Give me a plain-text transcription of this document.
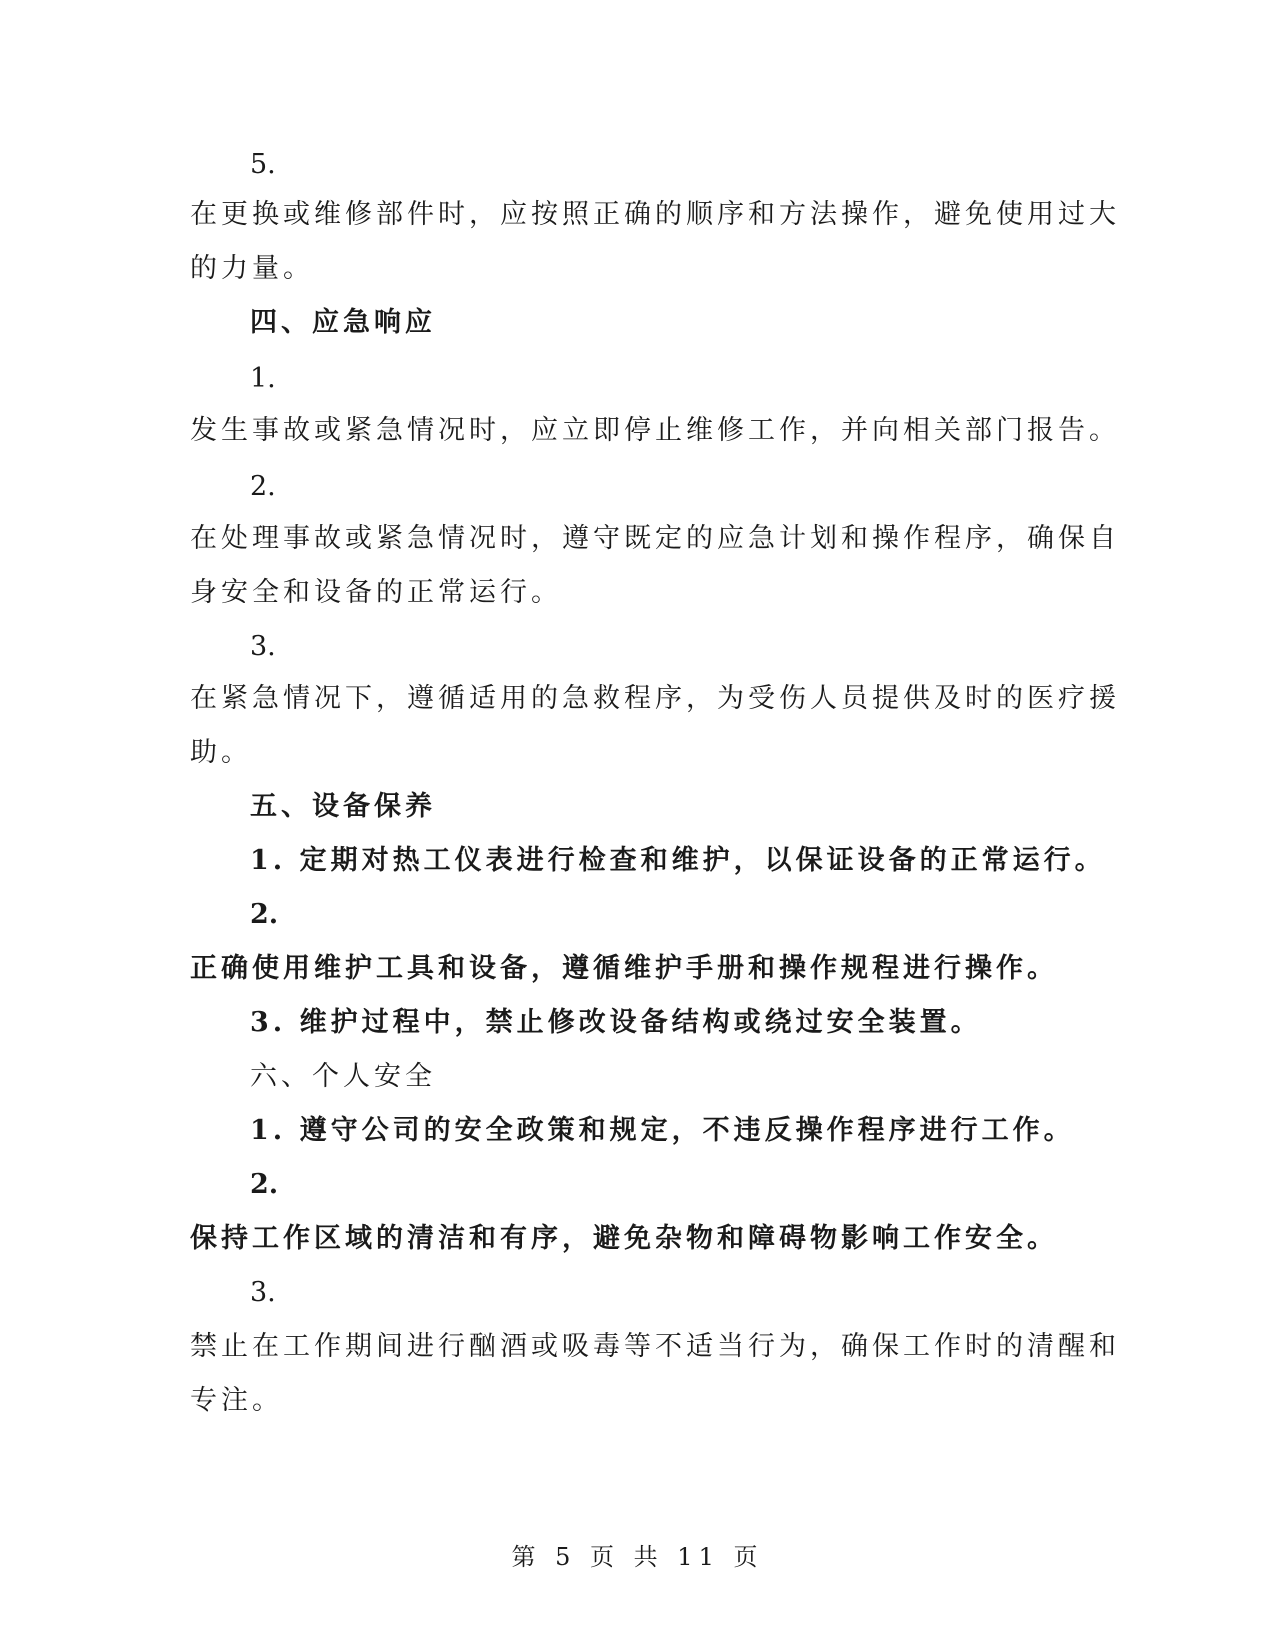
5.
在更换或维修部件时，应按照正确的顺序和方法操作，避免使用过大
的力量。
四、应急响应
1.
发生事故或紧急情况时，应立即停止维修工作，并向相关部门报告。
2.
在处理事故或紧急情况时，遵守既定的应急计划和操作程序，确保自
身安全和设备的正常运行。
3.
在紧急情况下，遵循适用的急救程序，为受伤人员提供及时的医疗援
助。
五、设备保养
1. 定期对热工仪表进行检查和维护，以保证设备的正常运行。
2.
正确使用维护工具和设备，遵循维护手册和操作规程进行操作。
3. 维护过程中，禁止修改设备结构或绕过安全装置。
六、个人安全
1. 遵守公司的安全政策和规定，不违反操作程序进行工作。
2.
保持工作区域的清洁和有序，避免杂物和障碍物影响工作安全。
3.
禁止在工作期间进行酗酒或吸毒等不适当行为，确保工作时的清醒和
专注。
第 5 页 共 11 页
